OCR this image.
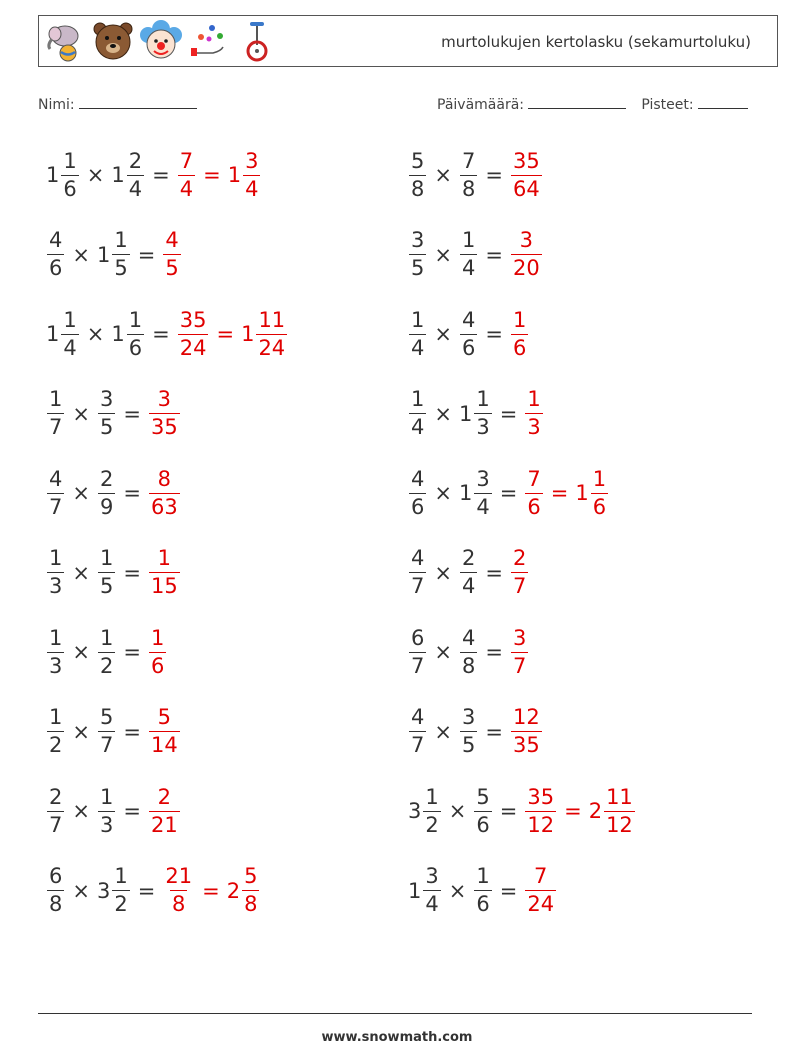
murtolukujen kertolasku (sekamurtoluku)
Nimi:	Päivämäärä:	Pisteet:
$1 \frac{1}{6} \times 1 \frac{2}{4} = \frac{7}{4} = 1 \frac{3}{4}$	$\frac{5}{8} \times \frac{7}{8} = \frac{35}{64}$
$\frac{4}{6} \times 1 \frac{1}{5} = \frac{4}{5}$	$\frac{3}{5} \times \frac{1}{4} = \frac{3}{20}$
$1 \frac{1}{4} \times 1 \frac{1}{6} = \frac{35}{24} = 1 \frac{11}{24}$	$\frac{1}{4} \times \frac{4}{6} = \frac{1}{6}$
$\frac{1}{7} \times \frac{3}{5} = \frac{3}{35}$	$\frac{1}{4} \times 1 \frac{1}{3} = \frac{1}{3}$
$\frac{4}{7} \times \frac{2}{9} = \frac{8}{63}$	$\frac{4}{6} \times 1 \frac{3}{4} = \frac{7}{6} = 1 \frac{1}{6}$
$\frac{1}{3} \times \frac{1}{5} = \frac{1}{15}$	$\frac{4}{7} \times \frac{2}{4} = \frac{2}{7}$
$\frac{1}{3} \times \frac{1}{2} = \frac{1}{6}$	$\frac{6}{7} \times \frac{4}{8} = \frac{3}{7}$
$\frac{1}{2} \times \frac{5}{7} = \frac{5}{14}$	$\frac{4}{7} \times \frac{3}{5} = \frac{12}{35}$
$\frac{2}{7} \times \frac{1}{3} = \frac{2}{21}$	$3 \frac{1}{2} \times \frac{5}{6} = \frac{35}{12} = 2 \frac{11}{12}$
$\frac{6}{8} \times 3 \frac{1}{2} = \frac{21}{8} = 2 \frac{5}{8}$	$1 \frac{3}{4} \times \frac{1}{6} = \frac{7}{24}$
www.snowmath.com
